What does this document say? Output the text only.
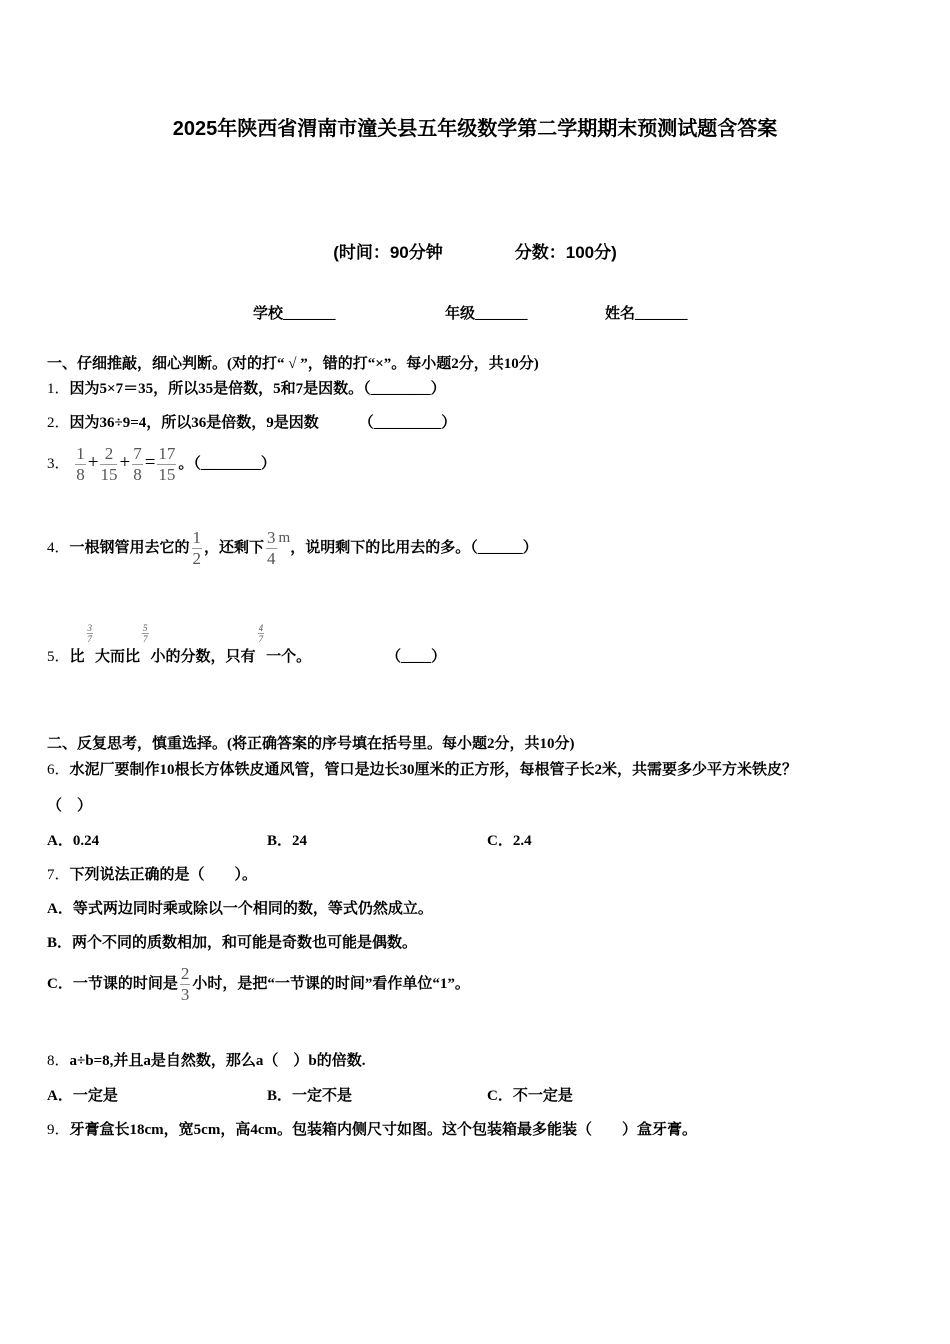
2025年陕西省渭南市潼关县五年级数学第二学期期末预测试题含答案
(时间：90分钟	分数：100分)
学校_______	年级_______	姓名_______
一、仔细推敲，细心判断。(对的打“ √ ”，错的打“×”。每小题2分，共10分)
1．因为5×7＝35，所以35是倍数，5和7是因数。（________）
2．因为36÷9=4，所以36是倍数，9是因数	（_________）
3． $\frac{1}{8} + \frac{2}{15} + \frac{7}{8} = \frac{17}{15}$ 。（________）
4．一根钢管用去它的 $\frac{1}{2}$ ，还剩下 $\frac{3}{4}$ m，说明剩下的比用去的多。（______）
5．比
$\frac{3}{7}$
大而比
$\frac{5}{7}$
小的分数，只有
$\frac{4}{7}$
一个。	（____）
二、反复思考，慎重选择。(将正确答案的序号填在括号里。每小题2分，共10分)
6．水泥厂要制作10根长方体铁皮通风管，管口是边长30厘米的正方形，每根管子长2米，共需要多少平方米铁皮？
（　）
A．0.24	B．24	C．2.4
7．下列说法正确的是（　　）。
A．等式两边同时乘或除以一个相同的数，等式仍然成立。
B．两个不同的质数相加，和可能是奇数也可能是偶数。
C．一节课的时间是 $\frac{2}{3}$ 小时，是把“一节课的时间”看作单位“1”。
8．a÷b=8,并且a是自然数，那么a（　）b的倍数.
A．一定是	B．一定不是	C．不一定是
9．牙膏盒长18cm，宽5cm，高4cm。包装箱内侧尺寸如图。这个包装箱最多能装（　　）盒牙膏。
